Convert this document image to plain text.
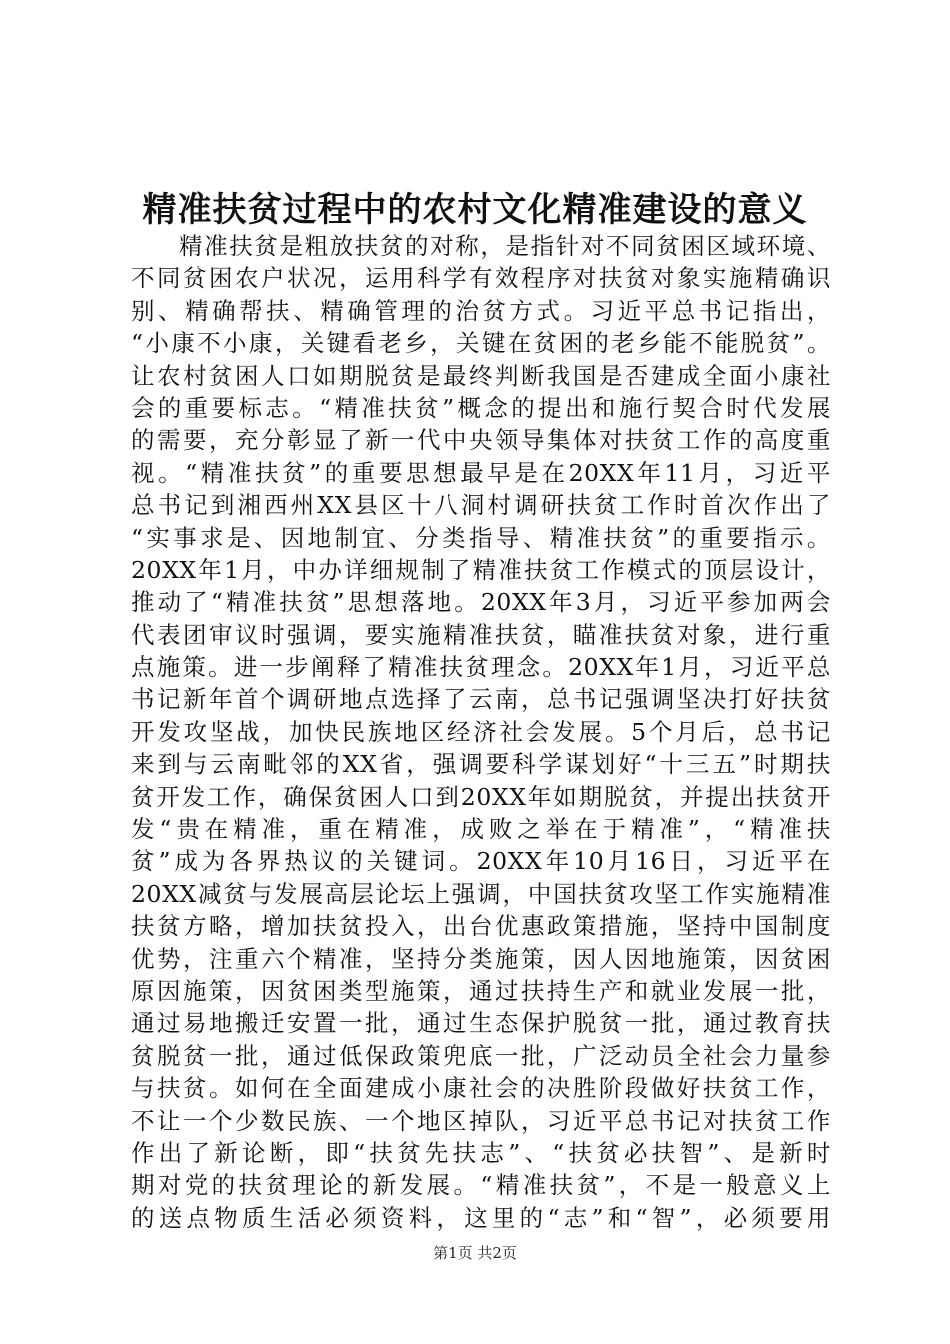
精准扶贫过程中的农村文化精准建设的意义
精准扶贫是粗放扶贫的对称，是指针对不同贫困区域环境、
不同贫困农户状况，运用科学有效程序对扶贫对象实施精确识
别、精确帮扶、精确管理的治贫方式。习近平总书记指出，
“小康不小康，关键看老乡，关键在贫困的老乡能不能脱贫”。
让农村贫困人口如期脱贫是最终判断我国是否建成全面小康社
会的重要标志。“精准扶贫”概念的提出和施行契合时代发展
的需要，充分彰显了新一代中央领导集体对扶贫工作的高度重
视。“精准扶贫”的重要思想最早是在20XX年11月，习近平
总书记到湘西州XX县区十八洞村调研扶贫工作时首次作出了
“实事求是、因地制宜、分类指导、精准扶贫”的重要指示。
20XX年1月，中办详细规制了精准扶贫工作模式的顶层设计，
推动了“精准扶贫”思想落地。20XX年3月，习近平参加两会
代表团审议时强调，要实施精准扶贫，瞄准扶贫对象，进行重
点施策。进一步阐释了精准扶贫理念。20XX年1月，习近平总
书记新年首个调研地点选择了云南，总书记强调坚决打好扶贫
开发攻坚战，加快民族地区经济社会发展。5个月后，总书记
来到与云南毗邻的XX省，强调要科学谋划好“十三五”时期扶
贫开发工作，确保贫困人口到20XX年如期脱贫，并提出扶贫开
发“贵在精准，重在精准，成败之举在于精准”，“精准扶
贫”成为各界热议的关键词。20XX年10月16日，习近平在
20XX减贫与发展高层论坛上强调，中国扶贫攻坚工作实施精准
扶贫方略，增加扶贫投入，出台优惠政策措施，坚持中国制度
优势，注重六个精准，坚持分类施策，因人因地施策，因贫困
原因施策，因贫困类型施策，通过扶持生产和就业发展一批，
通过易地搬迁安置一批，通过生态保护脱贫一批，通过教育扶
贫脱贫一批，通过低保政策兜底一批，广泛动员全社会力量参
与扶贫。如何在全面建成小康社会的决胜阶段做好扶贫工作，
不让一个少数民族、一个地区掉队，习近平总书记对扶贫工作
作出了新论断，即“扶贫先扶志”、“扶贫必扶智”、是新时
期对党的扶贫理论的新发展。“精准扶贫”，不是一般意义上
的送点物质生活必须资料，这里的“志”和“智”，必须要用
第1页 共2页
